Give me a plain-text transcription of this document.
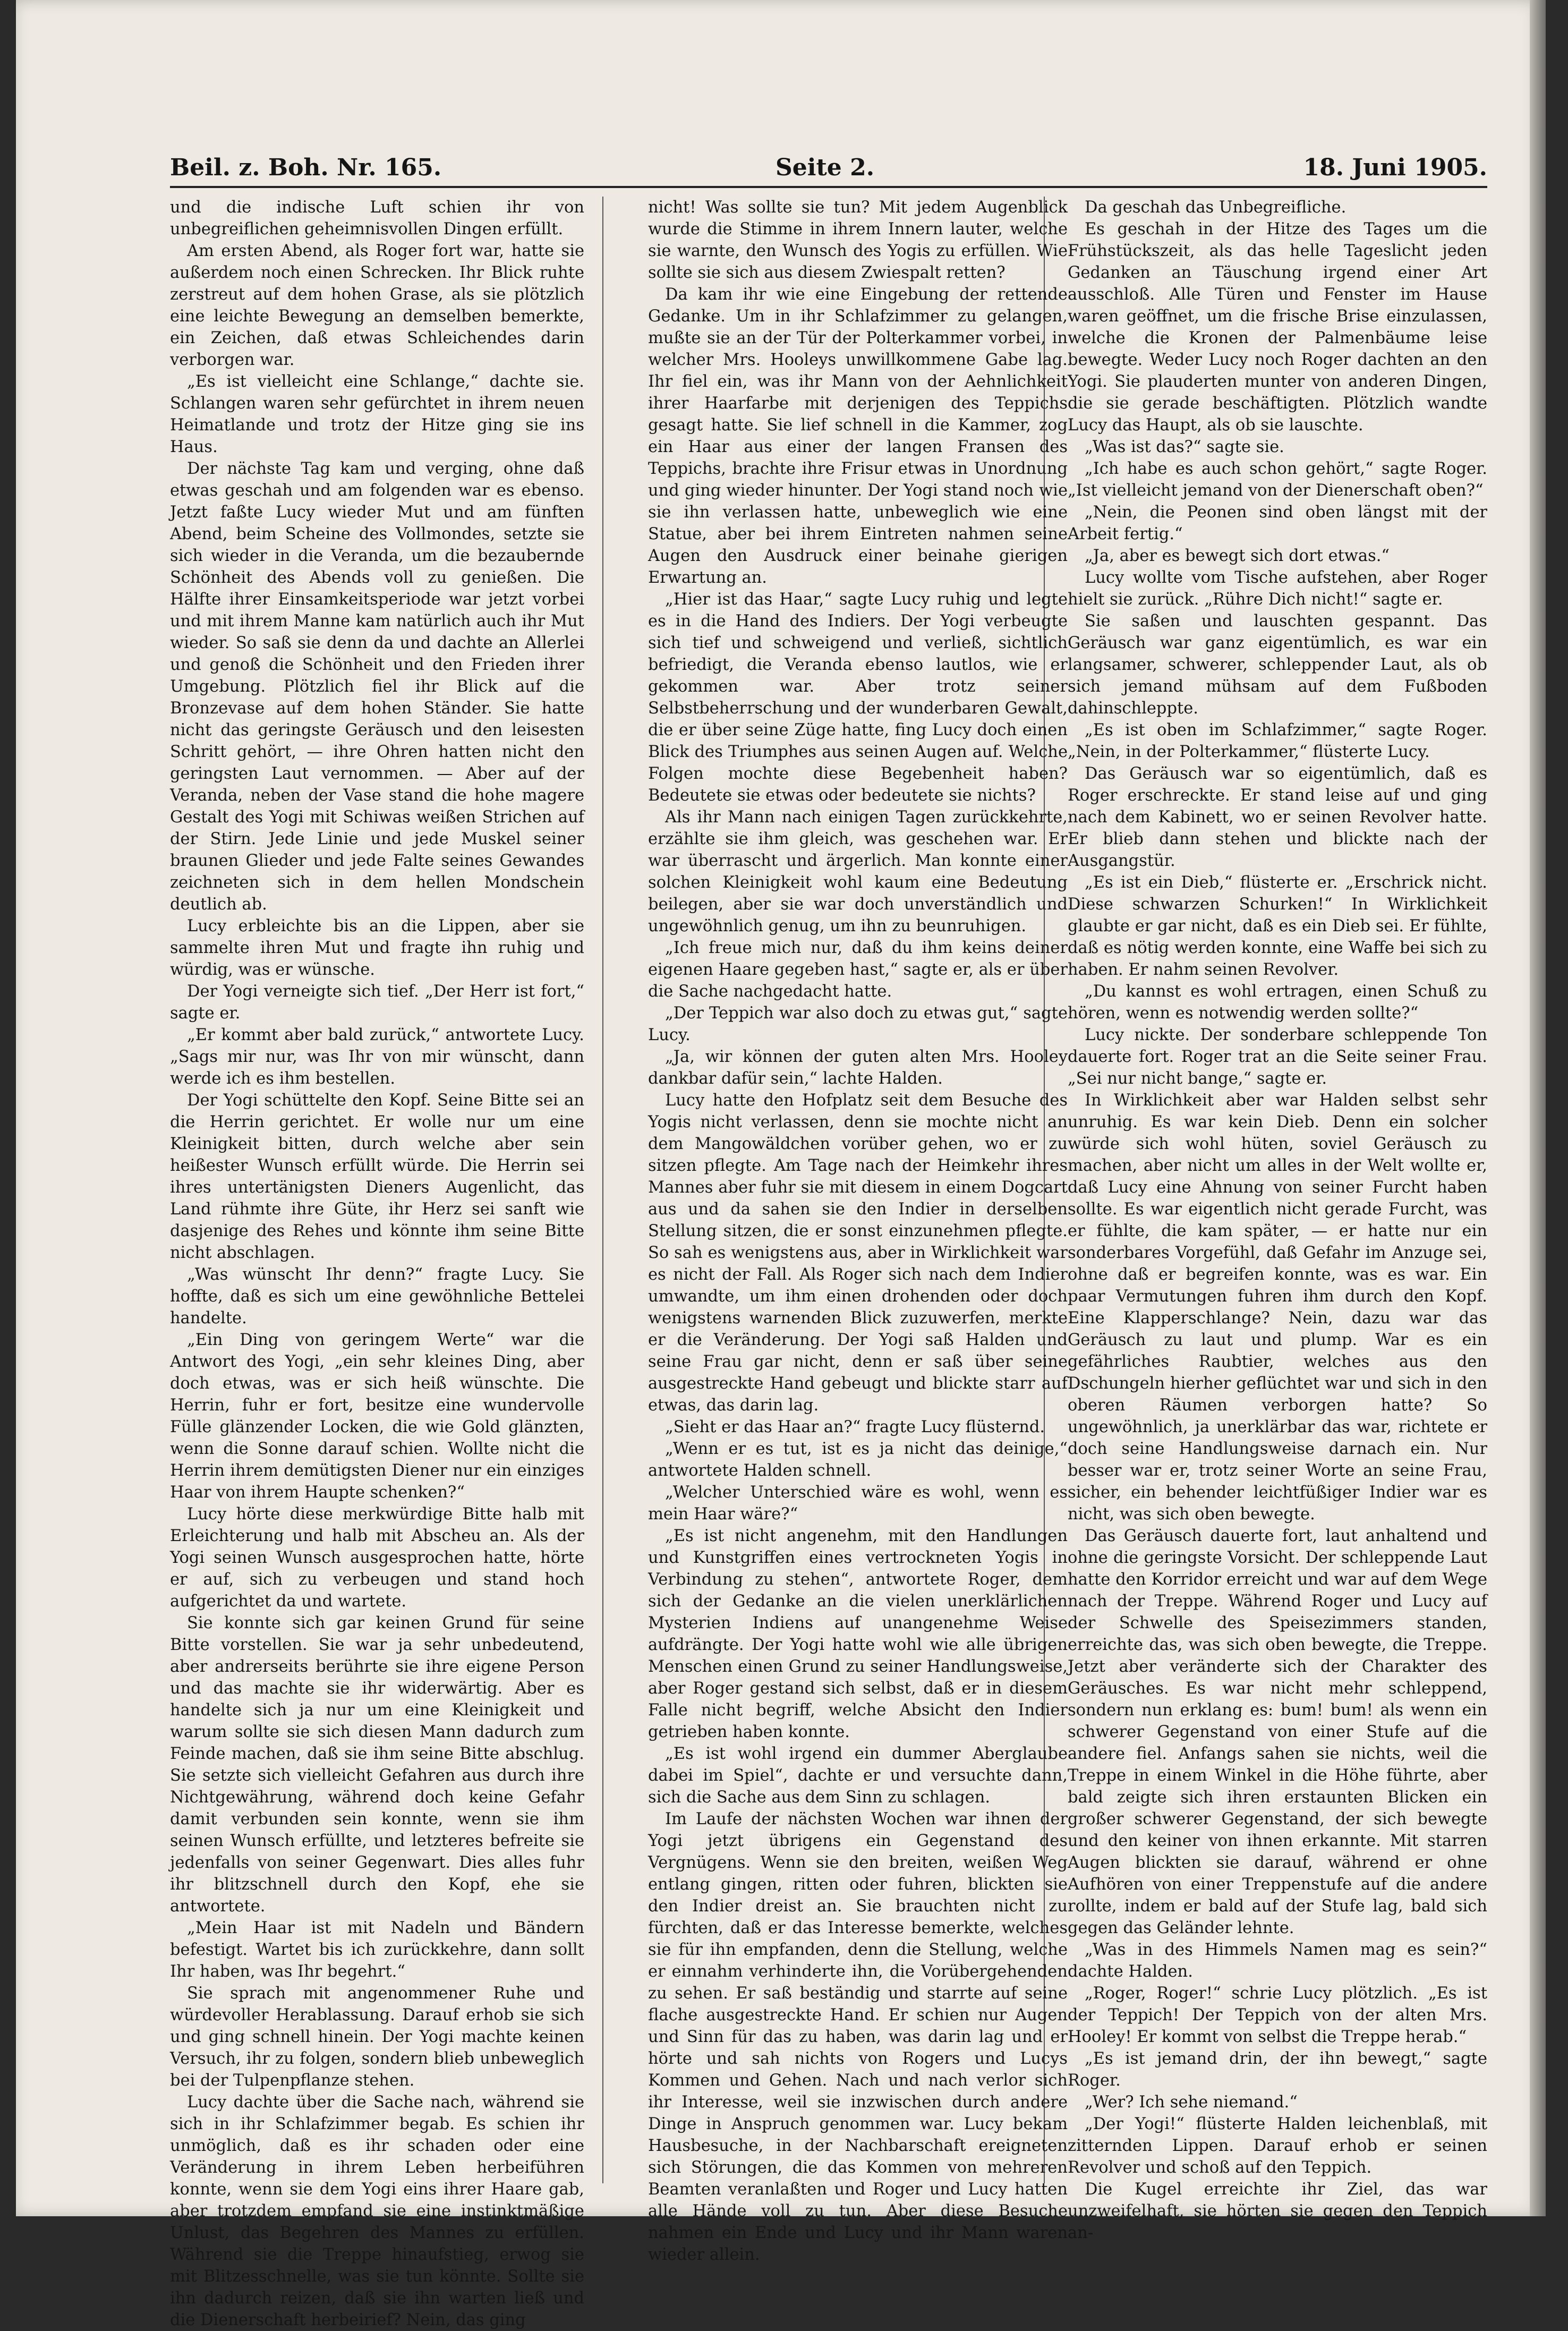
Beil. z. Boh. Nr. 165.	Seite 2.	18. Juni 1905.

und die indische Luft schien ihr von unbegreiflichen geheimnisvollen Dingen erfüllt.

Am ersten Abend, als Roger fort war, hatte sie außerdem noch einen Schrecken. Ihr Blick ruhte zerstreut auf dem hohen Grase, als sie plötzlich eine leichte Bewegung an demselben bemerkte, ein Zeichen, daß etwas Schleichendes darin verborgen war.

„Es ist vielleicht eine Schlange,“ dachte sie. Schlangen waren sehr gefürchtet in ihrem neuen Heimatlande und trotz der Hitze ging sie ins Haus.

Der nächste Tag kam und verging, ohne daß etwas geschah und am folgenden war es ebenso. Jetzt faßte Lucy wieder Mut und am fünften Abend, beim Scheine des Vollmondes, setzte sie sich wieder in die Veranda, um die bezaubernde Schönheit des Abends voll zu genießen. Die Hälfte ihrer Einsamkeitsperiode war jetzt vorbei und mit ihrem Manne kam natürlich auch ihr Mut wieder. So saß sie denn da und dachte an Allerlei und genoß die Schönheit und den Frieden ihrer Umgebung. Plötzlich fiel ihr Blick auf die Bronzevase auf dem hohen Ständer. Sie hatte nicht das geringste Geräusch und den leisesten Schritt gehört, — ihre Ohren hatten nicht den geringsten Laut vernommen. — Aber auf der Veranda, neben der Vase stand die hohe magere Gestalt des Yogi mit Schiwas weißen Strichen auf der Stirn. Jede Linie und jede Muskel seiner braunen Glieder und jede Falte seines Gewandes zeichneten sich in dem hellen Mondschein deutlich ab.

Lucy erbleichte bis an die Lippen, aber sie sammelte ihren Mut und fragte ihn ruhig und würdig, was er wünsche.

Der Yogi verneigte sich tief. „Der Herr ist fort,“ sagte er.

„Er kommt aber bald zurück,“ antwortete Lucy. „Sags mir nur, was Ihr von mir wünscht, dann werde ich es ihm bestellen.

Der Yogi schüttelte den Kopf. Seine Bitte sei an die Herrin gerichtet. Er wolle nur um eine Kleinigkeit bitten, durch welche aber sein heißester Wunsch erfüllt würde. Die Herrin sei ihres untertänigsten Dieners Augenlicht, das Land rühmte ihre Güte, ihr Herz sei sanft wie dasjenige des Rehes und könnte ihm seine Bitte nicht abschlagen.

„Was wünscht Ihr denn?“ fragte Lucy. Sie hoffte, daß es sich um eine gewöhnliche Bettelei handelte.

„Ein Ding von geringem Werte“ war die Antwort des Yogi, „ein sehr kleines Ding, aber doch etwas, was er sich heiß wünschte. Die Herrin, fuhr er fort, besitze eine wundervolle Fülle glänzender Locken, die wie Gold glänzten, wenn die Sonne darauf schien. Wollte nicht die Herrin ihrem demütigsten Diener nur ein einziges Haar von ihrem Haupte schenken?“

Lucy hörte diese merkwürdige Bitte halb mit Erleichterung und halb mit Abscheu an. Als der Yogi seinen Wunsch ausgesprochen hatte, hörte er auf, sich zu verbeugen und stand hoch aufgerichtet da und wartete.

Sie konnte sich gar keinen Grund für seine Bitte vorstellen. Sie war ja sehr unbedeutend, aber andrerseits berührte sie ihre eigene Person und das machte sie ihr widerwärtig. Aber es handelte sich ja nur um eine Kleinigkeit und warum sollte sie sich diesen Mann dadurch zum Feinde machen, daß sie ihm seine Bitte abschlug. Sie setzte sich vielleicht Gefahren aus durch ihre Nichtgewährung, während doch keine Gefahr damit verbunden sein konnte, wenn sie ihm seinen Wunsch erfüllte, und letzteres befreite sie jedenfalls von seiner Gegenwart. Dies alles fuhr ihr blitzschnell durch den Kopf, ehe sie antwortete.

„Mein Haar ist mit Nadeln und Bändern befestigt. Wartet bis ich zurückkehre, dann sollt Ihr haben, was Ihr begehrt.“

Sie sprach mit angenommener Ruhe und würdevoller Herablassung. Darauf erhob sie sich und ging schnell hinein. Der Yogi machte keinen Versuch, ihr zu folgen, sondern blieb unbeweglich bei der Tulpenpflanze stehen.

Lucy dachte über die Sache nach, während sie sich in ihr Schlafzimmer begab. Es schien ihr unmöglich, daß es ihr schaden oder eine Veränderung in ihrem Leben herbeiführen konnte, wenn sie dem Yogi eins ihrer Haare gab, aber trotzdem empfand sie eine instinktmäßige Unlust, das Begehren des Mannes zu erfüllen. Während sie die Treppe hinaufstieg, erwog sie mit Blitzesschnelle, was sie tun könnte. Sollte sie ihn dadurch reizen, daß sie ihn warten ließ und die Dienerschaft herbeirief? Nein, das ging

nicht! Was sollte sie tun? Mit jedem Augenblick wurde die Stimme in ihrem Innern lauter, welche sie warnte, den Wunsch des Yogis zu erfüllen. Wie sollte sie sich aus diesem Zwiespalt retten?

Da kam ihr wie eine Eingebung der rettende Gedanke. Um in ihr Schlafzimmer zu gelangen, mußte sie an der Tür der Polterkammer vorbei, in welcher Mrs. Hooleys unwillkommene Gabe lag. Ihr fiel ein, was ihr Mann von der Aehnlichkeit ihrer Haarfarbe mit derjenigen des Teppichs gesagt hatte. Sie lief schnell in die Kammer, zog ein Haar aus einer der langen Fransen des Teppichs, brachte ihre Frisur etwas in Unordnung und ging wieder hinunter. Der Yogi stand noch wie sie ihn verlassen hatte, unbeweglich wie eine Statue, aber bei ihrem Eintreten nahmen seine Augen den Ausdruck einer beinahe gierigen Erwartung an.

„Hier ist das Haar,“ sagte Lucy ruhig und legte es in die Hand des Indiers. Der Yogi verbeugte sich tief und schweigend und verließ, sichtlich befriedigt, die Veranda ebenso lautlos, wie er gekommen war. Aber trotz seiner Selbstbeherrschung und der wunderbaren Gewalt, die er über seine Züge hatte, fing Lucy doch einen Blick des Triumphes aus seinen Augen auf. Welche Folgen mochte diese Begebenheit haben? Bedeutete sie etwas oder bedeutete sie nichts?

Als ihr Mann nach einigen Tagen zurückkehrte, erzählte sie ihm gleich, was geschehen war. Er war überrascht und ärgerlich. Man konnte einer solchen Kleinigkeit wohl kaum eine Bedeutung beilegen, aber sie war doch unverständlich und ungewöhnlich genug, um ihn zu beunruhigen.

„Ich freue mich nur, daß du ihm keins deiner eigenen Haare gegeben hast,“ sagte er, als er über die Sache nachgedacht hatte.

„Der Teppich war also doch zu etwas gut,“ sagte Lucy.

„Ja, wir können der guten alten Mrs. Hooley dankbar dafür sein,“ lachte Halden.

Lucy hatte den Hofplatz seit dem Besuche des Yogis nicht verlassen, denn sie mochte nicht an dem Mangowäldchen vorüber gehen, wo er zu sitzen pflegte. Am Tage nach der Heimkehr ihres Mannes aber fuhr sie mit diesem in einem Dogcart aus und da sahen sie den Indier in derselben Stellung sitzen, die er sonst einzunehmen pflegte. So sah es wenigstens aus, aber in Wirklichkeit war es nicht der Fall. Als Roger sich nach dem Indier umwandte, um ihm einen drohenden oder doch wenigstens warnenden Blick zuzuwerfen, merkte er die Veränderung. Der Yogi saß Halden und seine Frau gar nicht, denn er saß über seine ausgestreckte Hand gebeugt und blickte starr auf etwas, das darin lag.

„Sieht er das Haar an?“ fragte Lucy flüsternd.

„Wenn er es tut, ist es ja nicht das deinige,“ antwortete Halden schnell.

„Welcher Unterschied wäre es wohl, wenn es mein Haar wäre?“

„Es ist nicht angenehm, mit den Handlungen und Kunstgriffen eines vertrockneten Yogis in Verbindung zu stehen“, antwortete Roger, dem sich der Gedanke an die vielen unerklärlichen Mysterien Indiens auf unangenehme Weise aufdrängte. Der Yogi hatte wohl wie alle übrigen Menschen einen Grund zu seiner Handlungsweise, aber Roger gestand sich selbst, daß er in diesem Falle nicht begriff, welche Absicht den Indier getrieben haben konnte.

„Es ist wohl irgend ein dummer Aberglaube dabei im Spiel“, dachte er und versuchte dann, sich die Sache aus dem Sinn zu schlagen.

Im Laufe der nächsten Wochen war ihnen der Yogi jetzt übrigens ein Gegenstand des Vergnügens. Wenn sie den breiten, weißen Weg entlang gingen, ritten oder fuhren, blickten sie den Indier dreist an. Sie brauchten nicht zu fürchten, daß er das Interesse bemerkte, welches sie für ihn empfanden, denn die Stellung, welche er einnahm verhinderte ihn, die Vorübergehenden zu sehen. Er saß beständig und starrte auf seine flache ausgestreckte Hand. Er schien nur Augen und Sinn für das zu haben, was darin lag und er hörte und sah nichts von Rogers und Lucys Kommen und Gehen. Nach und nach verlor sich ihr Interesse, weil sie inzwischen durch andere Dinge in Anspruch genommen war. Lucy bekam Hausbesuche, in der Nachbarschaft ereigneten sich Störungen, die das Kommen von mehreren Beamten veranlaßten und Roger und Lucy hatten alle Hände voll zu tun. Aber diese Besuche nahmen ein Ende und Lucy und ihr Mann waren wieder allein.

Da geschah das Unbegreifliche.

Es geschah in der Hitze des Tages um die Frühstückszeit, als das helle Tageslicht jeden Gedanken an Täuschung irgend einer Art ausschloß. Alle Türen und Fenster im Hause waren geöffnet, um die frische Brise einzulassen, welche die Kronen der Palmenbäume leise bewegte. Weder Lucy noch Roger dachten an den Yogi. Sie plauderten munter von anderen Dingen, die sie gerade beschäftigten. Plötzlich wandte Lucy das Haupt, als ob sie lauschte.

„Was ist das?“ sagte sie.

„Ich habe es auch schon gehört,“ sagte Roger. „Ist vielleicht jemand von der Dienerschaft oben?“

„Nein, die Peonen sind oben längst mit der Arbeit fertig.“

„Ja, aber es bewegt sich dort etwas.“

Lucy wollte vom Tische aufstehen, aber Roger hielt sie zurück. „Rühre Dich nicht!“ sagte er.

Sie saßen und lauschten gespannt. Das Geräusch war ganz eigentümlich, es war ein langsamer, schwerer, schleppender Laut, als ob sich jemand mühsam auf dem Fußboden dahinschleppte.

„Es ist oben im Schlafzimmer,“ sagte Roger. „Nein, in der Polterkammer,“ flüsterte Lucy.

Das Geräusch war so eigentümlich, daß es Roger erschreckte. Er stand leise auf und ging nach dem Kabinett, wo er seinen Revolver hatte. Er blieb dann stehen und blickte nach der Ausgangstür.

„Es ist ein Dieb,“ flüsterte er. „Erschrick nicht. Diese schwarzen Schurken!“ In Wirklichkeit glaubte er gar nicht, daß es ein Dieb sei. Er fühlte, daß es nötig werden konnte, eine Waffe bei sich zu haben. Er nahm seinen Revolver.

„Du kannst es wohl ertragen, einen Schuß zu hören, wenn es notwendig werden sollte?“

Lucy nickte. Der sonderbare schleppende Ton dauerte fort. Roger trat an die Seite seiner Frau. „Sei nur nicht bange,“ sagte er.

In Wirklichkeit aber war Halden selbst sehr unruhig. Es war kein Dieb. Denn ein solcher würde sich wohl hüten, soviel Geräusch zu machen, aber nicht um alles in der Welt wollte er, daß Lucy eine Ahnung von seiner Furcht haben sollte. Es war eigentlich nicht gerade Furcht, was er fühlte, die kam später, — er hatte nur ein sonderbares Vorgefühl, daß Gefahr im Anzuge sei, ohne daß er begreifen konnte, was es war. Ein paar Vermutungen fuhren ihm durch den Kopf. Eine Klapperschlange? Nein, dazu war das Geräusch zu laut und plump. War es ein gefährliches Raubtier, welches aus den Dschungeln hierher geflüchtet war und sich in den oberen Räumen verborgen hatte? So ungewöhnlich, ja unerklärbar das war, richtete er doch seine Handlungsweise darnach ein. Nur besser war er, trotz seiner Worte an seine Frau, sicher, ein behender leichtfüßiger Indier war es nicht, was sich oben bewegte.

Das Geräusch dauerte fort, laut anhaltend und ohne die geringste Vorsicht. Der schleppende Laut hatte den Korridor erreicht und war auf dem Wege nach der Treppe. Während Roger und Lucy auf der Schwelle des Speisezimmers standen, erreichte das, was sich oben bewegte, die Treppe. Jetzt aber veränderte sich der Charakter des Geräusches. Es war nicht mehr schleppend, sondern nun erklang es: bum! bum! als wenn ein schwerer Gegenstand von einer Stufe auf die andere fiel. Anfangs sahen sie nichts, weil die Treppe in einem Winkel in die Höhe führte, aber bald zeigte sich ihren erstaunten Blicken ein großer schwerer Gegenstand, der sich bewegte und den keiner von ihnen erkannte. Mit starren Augen blickten sie darauf, während er ohne Aufhören von einer Treppenstufe auf die andere rollte, indem er bald auf der Stufe lag, bald sich gegen das Geländer lehnte.

„Was in des Himmels Namen mag es sein?“ dachte Halden.

„Roger, Roger!“ schrie Lucy plötzlich. „Es ist der Teppich! Der Teppich von der alten Mrs. Hooley! Er kommt von selbst die Treppe herab.“

„Es ist jemand drin, der ihn bewegt,“ sagte Roger.

„Wer? Ich sehe niemand.“

„Der Yogi!“ flüsterte Halden leichenblaß, mit zitternden Lippen. Darauf erhob er seinen Revolver und schoß auf den Teppich.

Die Kugel erreichte ihr Ziel, das war unzweifelhaft, sie hörten sie gegen den Teppich an-
